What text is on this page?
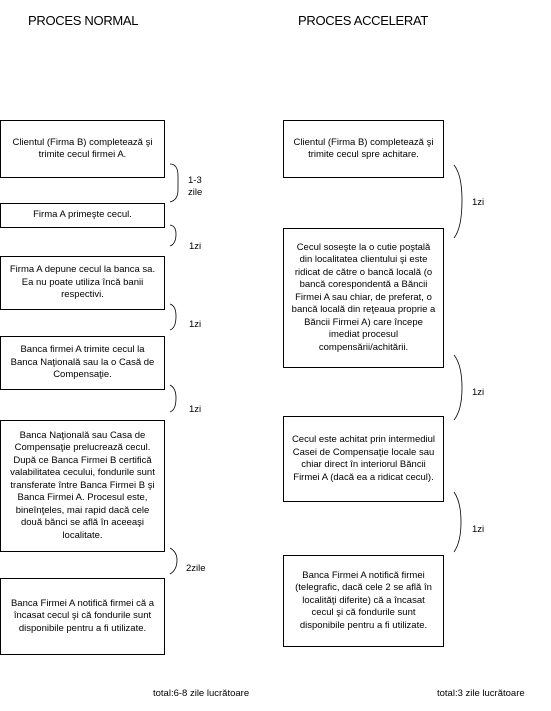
PROCES NORMAL	PROCES ACCELERAT
Clientul (Firma B) completează şi trimite cecul firmei A.
Firma A primeşte cecul.
Firma A depune cecul la banca sa. Ea nu poate utiliza încă banii respectivi.
Banca firmei A trimite cecul la Banca Naţională sau la o Casă de Compensaţie.
Banca Naţională sau Casa de Compensaţie prelucrează cecul. După ce Banca Firmei B certifică valabilitatea cecului, fondurile sunt transferate între Banca Firmei B şi Banca Firmei A. Procesul este, bineînţeles, mai rapid dacă cele două bănci se află în aceeaşi localitate.
Banca Firmei A notifică firmei că a încasat cecul şi că fondurile sunt disponibile pentru a fi utilizate.
1-3 zile
1zi
1zi
1zi
2zile
Clientul (Firma B) completează şi trimite cecul spre achitare.
Cecul soseşte la o cutie poştală din localitatea clientului şi este ridicat de către o bancă locală (o bancă corespondentă a Băncii Firmei A sau chiar, de preferat, o bancă locală din reţeaua proprie a Băncii Firmei A) care începe imediat procesul compensării/achitării.
Cecul este achitat prin intermediul Casei de Compensaţie locale sau chiar direct în interiorul Băncii Firmei A (dacă ea a ridicat cecul).
Banca Firmei A notifică firmei (telegrafic, dacă cele 2 se află în localităţi diferite) că a încasat cecul şi că fondurile sunt disponibile pentru a fi utilizate.
1zi
1zi
1zi
total:6-8 zile lucrătoare	total:3 zile lucrătoare
